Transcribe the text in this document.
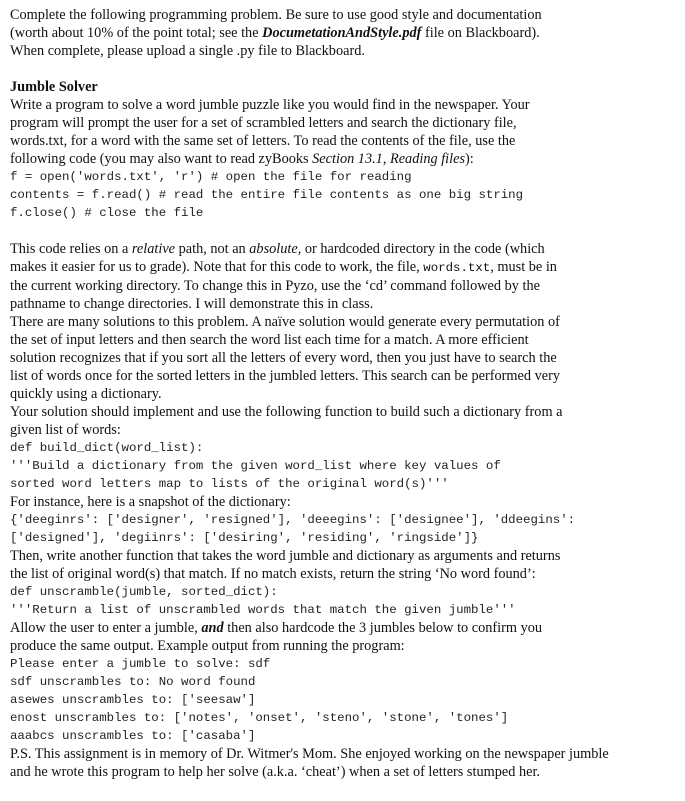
Complete the following programming problem. Be sure to use good style and documentation

(worth about 10% of the point total; see the DocumetationAndStyle.pdf file on Blackboard).

When complete, please upload a single .py file to Blackboard.

Jumble Solver

Write a program to solve a word jumble puzzle like you would find in the newspaper. Your

program will prompt the user for a set of scrambled letters and search the dictionary file,

words.txt, for a word with the same set of letters. To read the contents of the file, use the

following code (you may also want to read zyBooks Section 13.1, Reading files):

f = open('words.txt', 'r') # open the file for reading

contents = f.read() # read the entire file contents as one big string

f.close() # close the file

This code relies on a relative path, not an absolute, or hardcoded directory in the code (which

makes it easier for us to grade). Note that for this code to work, the file, words.txt, must be in

the current working directory. To change this in Pyzo, use the ‘cd’ command followed by the

pathname to change directories. I will demonstrate this in class.

There are many solutions to this problem. A naïve solution would generate every permutation of

the set of input letters and then search the word list each time for a match. A more efficient

solution recognizes that if you sort all the letters of every word, then you just have to search the

list of words once for the sorted letters in the jumbled letters. This search can be performed very

quickly using a dictionary.

Your solution should implement and use the following function to build such a dictionary from a

given list of words:

def build_dict(word_list):

'''Build a dictionary from the given word_list where key values of

sorted word letters map to lists of the original word(s)'''

For instance, here is a snapshot of the dictionary:

{'deeginrs': ['designer', 'resigned'], 'deeegins': ['designee'], 'ddeegins':

['designed'], 'degiinrs': ['desiring', 'residing', 'ringside']}

Then, write another function that takes the word jumble and dictionary as arguments and returns

the list of original word(s) that match. If no match exists, return the string ‘No word found’:

def unscramble(jumble, sorted_dict):

'''Return a list of unscrambled words that match the given jumble'''

Allow the user to enter a jumble, and then also hardcode the 3 jumbles below to confirm you

produce the same output. Example output from running the program:

Please enter a jumble to solve: sdf

sdf unscrambles to: No word found

asewes unscrambles to: ['seesaw']

enost unscrambles to: ['notes', 'onset', 'steno', 'stone', 'tones']

aaabcs unscrambles to: ['casaba']

P.S. This assignment is in memory of Dr. Witmer's Mom. She enjoyed working on the newspaper jumble

and he wrote this program to help her solve (a.k.a. ‘cheat’) when a set of letters stumped her.
